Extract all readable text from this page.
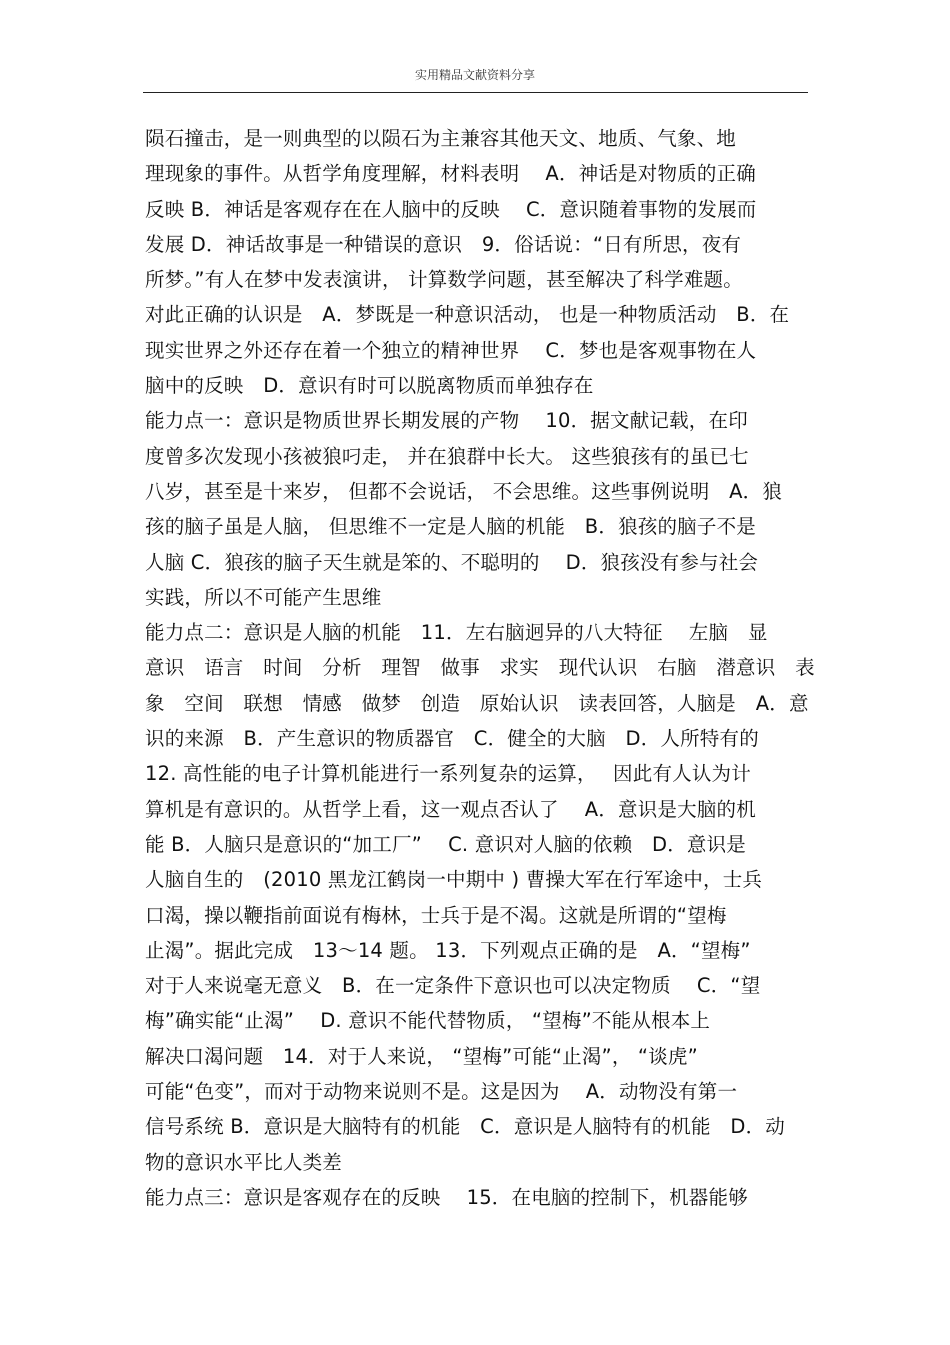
实用精品文献资料分享
陨石撞击，是一则典型的以陨石为主兼容其他天文、地质、气象、地
理现象的事件。从哲学角度理解，材料表明　 A．神话是对物质的正确
反映 B．神话是客观存在在人脑中的反映　 C．意识随着事物的发展而
发展 D．神话故事是一种错误的意识　9．俗话说：“日有所思，夜有
所梦。”有人在梦中发表演讲， 计算数学问题，甚至解决了科学难题。
对此正确的认识是　A．梦既是一种意识活动， 也是一种物质活动　B．在
现实世界之外还存在着一个独立的精神世界　 C．梦也是客观事物在人
脑中的反映　D．意识有时可以脱离物质而单独存在
能力点一：意识是物质世界长期发展的产物　 10．据文献记载，在印
度曾多次发现小孩被狼叼走， 并在狼群中长大。 这些狼孩有的虽已七
八岁，甚至是十来岁， 但都不会说话， 不会思维。这些事例说明　A．狼
孩的脑子虽是人脑， 但思维不一定是人脑的机能　B．狼孩的脑子不是
人脑 C．狼孩的脑子天生就是笨的、不聪明的　 D．狼孩没有参与社会
实践，所以不可能产生思维
能力点二：意识是人脑的机能　11．左右脑迥异的八大特征　 左脑　显
意识　语言　时间　分析　理智　做事　求实　现代认识　右脑　潜意识　表
象　空间　联想　情感　做梦　创造　原始认识　读表回答，人脑是　A．意
识的来源　B．产生意识的物质器官　C．健全的大脑　D．人所特有的
12. 高性能的电子计算机能进行一系列复杂的运算，　 因此有人认为计
算机是有意识的。从哲学上看，这一观点否认了　 A．意识是大脑的机
能 B．人脑只是意识的“加工厂”　 C. 意识对人脑的依赖　D．意识是
人脑自生的　(2010 黑龙江鹤岗一中期中 ) 曹操大军在行军途中，士兵
口渴，操以鞭指前面说有梅林，士兵于是不渴。这就是所谓的“望梅
止渴”。据此完成　13～14 题。 13．下列观点正确的是　A．“望梅”
对于人来说毫无意义　B．在一定条件下意识也可以决定物质　 C．“望
梅”确实能“止渴”　 D. 意识不能代替物质， “望梅”不能从根本上
解决口渴问题　14．对于人来说， “望梅”可能“止渴”， “谈虎”
可能“色变”，而对于动物来说则不是。这是因为　 A．动物没有第一
信号系统 B．意识是大脑特有的机能　C．意识是人脑特有的机能　D．动
物的意识水平比人类差
能力点三：意识是客观存在的反映　 15．在电脑的控制下，机器能够
